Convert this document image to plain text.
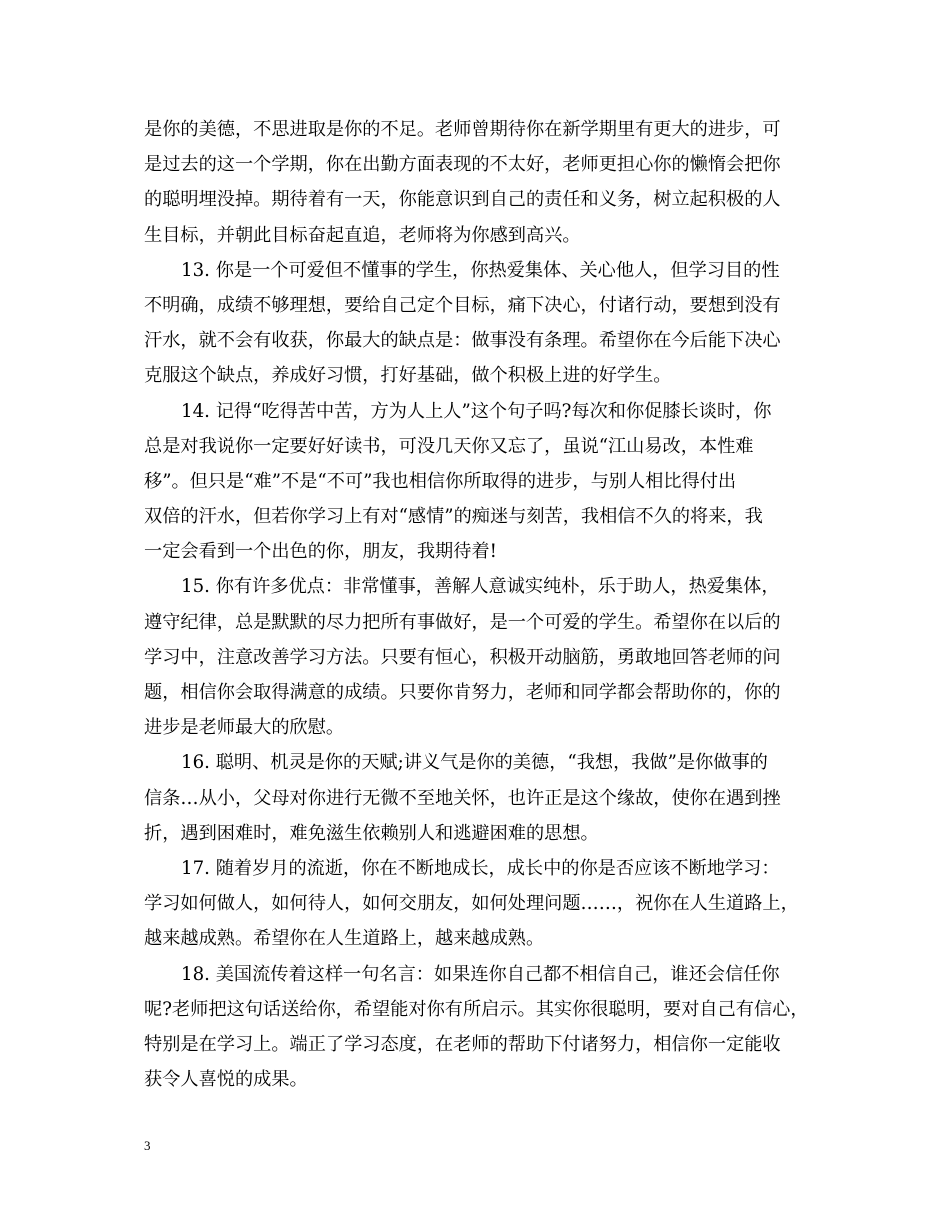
是你的美德，不思进取是你的不足。老师曾期待你在新学期里有更大的进步，可
是过去的这一个学期，你在出勤方面表现的不太好，老师更担心你的懒惰会把你
的聪明埋没掉。期待着有一天，你能意识到自己的责任和义务，树立起积极的人
生目标，并朝此目标奋起直追，老师将为你感到高兴。
13. 你是一个可爱但不懂事的学生，你热爱集体、关心他人，但学习目的性
不明确，成绩不够理想，要给自己定个目标，痛下决心，付诸行动，要想到没有
汗水，就不会有收获，你最大的缺点是：做事没有条理。希望你在今后能下决心
克服这个缺点，养成好习惯，打好基础，做个积极上进的好学生。
14. 记得“吃得苦中苦，方为人上人”这个句子吗?每次和你促膝长谈时，你
总是对我说你一定要好好读书，可没几天你又忘了，虽说“江山易改，本性难
移”。但只是“难”不是“不可”我也相信你所取得的进步，与别人相比得付出
双倍的汗水，但若你学习上有对“感情”的痴迷与刻苦，我相信不久的将来，我
一定会看到一个出色的你，朋友，我期待着!
15. 你有许多优点：非常懂事，善解人意诚实纯朴，乐于助人，热爱集体，
遵守纪律，总是默默的尽力把所有事做好，是一个可爱的学生。希望你在以后的
学习中，注意改善学习方法。只要有恒心，积极开动脑筋，勇敢地回答老师的问
题，相信你会取得满意的成绩。只要你肯努力，老师和同学都会帮助你的，你的
进步是老师最大的欣慰。
16. 聪明、机灵是你的天赋;讲义气是你的美德，“我想，我做”是你做事的
信条…从小，父母对你进行无微不至地关怀，也许正是这个缘故，使你在遇到挫
折，遇到困难时，难免滋生依赖别人和逃避困难的思想。
17. 随着岁月的流逝，你在不断地成长，成长中的你是否应该不断地学习：
学习如何做人，如何待人，如何交朋友，如何处理问题……，祝你在人生道路上，
越来越成熟。希望你在人生道路上，越来越成熟。
18. 美国流传着这样一句名言：如果连你自己都不相信自己，谁还会信任你
呢?老师把这句话送给你，希望能对你有所启示。其实你很聪明，要对自己有信心，
特别是在学习上。端正了学习态度，在老师的帮助下付诸努力，相信你一定能收
获令人喜悦的成果。
3
